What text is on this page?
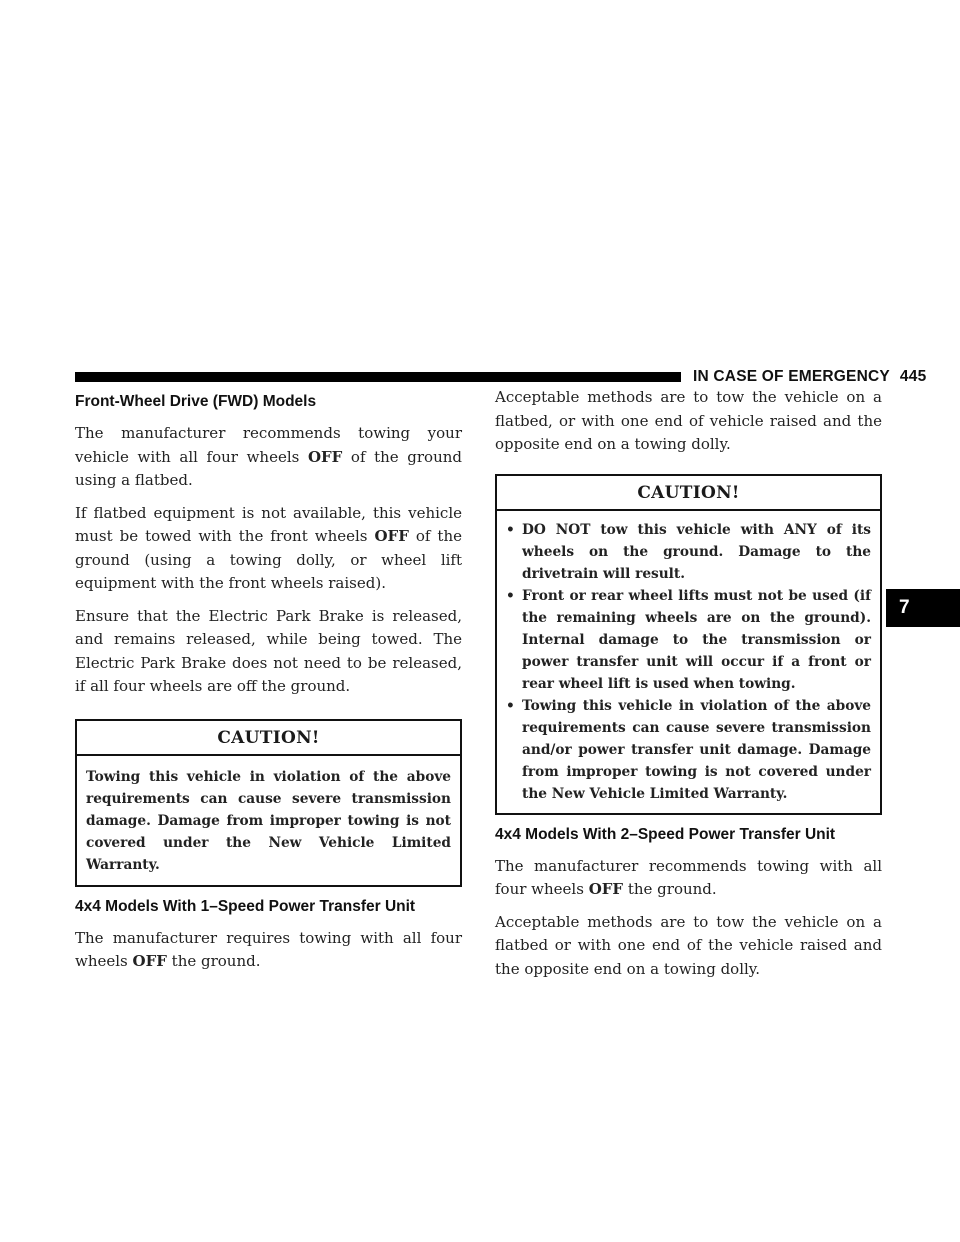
IN CASE OF EMERGENCY 445
7
Front-Wheel Drive (FWD) Models

The manufacturer recommends towing your vehicle with all four wheels OFF of the ground using a flatbed.

If flatbed equipment is not available, this vehicle must be towed with the front wheels OFF of the ground (using a towing dolly, or wheel lift equipment with the front wheels raised).

Ensure that the Electric Park Brake is released, and remains released, while being towed. The Electric Park Brake does not need to be released, if all four wheels are off the ground.

CAUTION!
Towing this vehicle in violation of the above requirements can cause severe transmission damage. Damage from improper towing is not covered under the New Vehicle Limited Warranty.
4x4 Models With 1–Speed Power Transfer Unit

The manufacturer requires towing with all four wheels OFF the ground.

Acceptable methods are to tow the vehicle on a flatbed, or with one end of vehicle raised and the opposite end on a towing dolly.

CAUTION!
• DO NOT tow this vehicle with ANY of its wheels on the ground. Damage to the drivetrain will result.
• Front or rear wheel lifts must not be used (if the remaining wheels are on the ground). Internal damage to the transmission or power transfer unit will occur if a front or rear wheel lift is used when towing.
• Towing this vehicle in violation of the above requirements can cause severe transmission and/or power transfer unit damage. Damage from improper towing is not covered under the New Vehicle Limited Warranty.
4x4 Models With 2–Speed Power Transfer Unit

The manufacturer recommends towing with all four wheels OFF the ground.

Acceptable methods are to tow the vehicle on a flatbed or with one end of the vehicle raised and the opposite end on a towing dolly.
